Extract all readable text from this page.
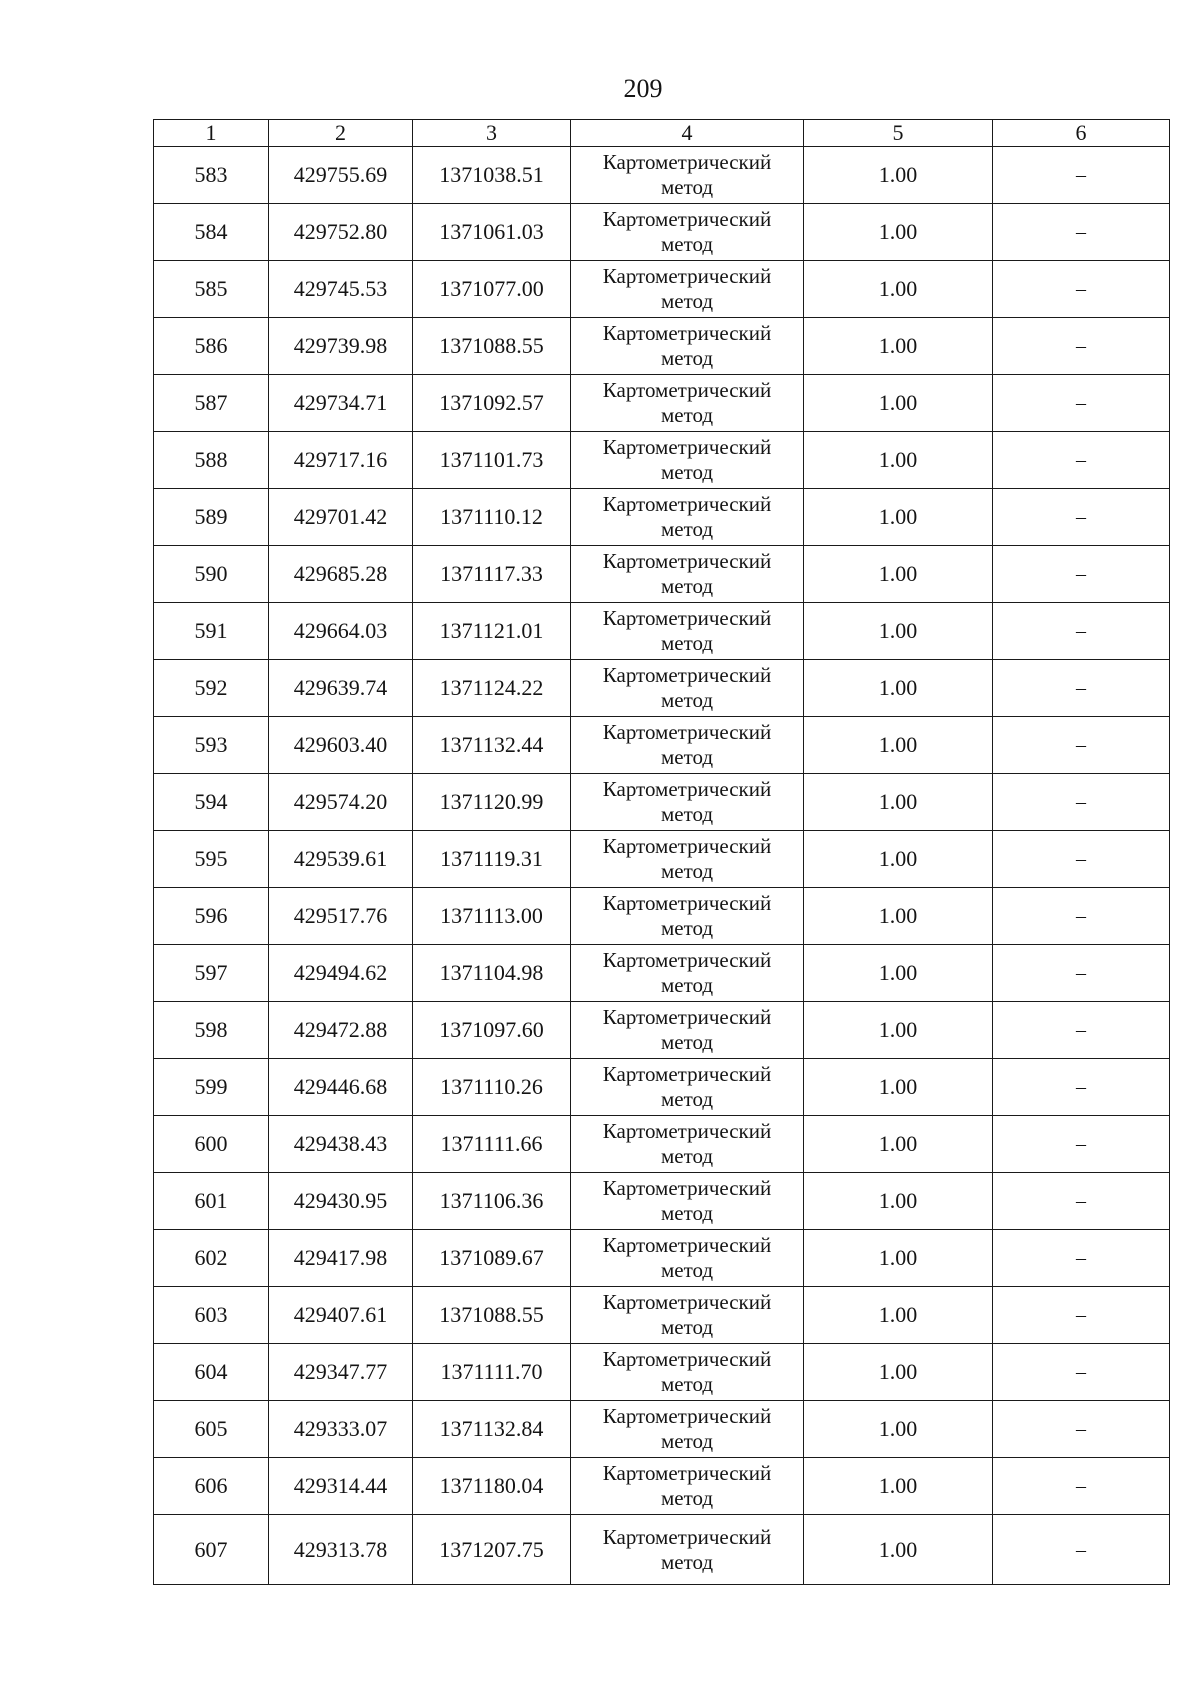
209
1	2	3	4	5	6
583	429755.69	1371038.51	Картометрический метод	1.00	–
584	429752.80	1371061.03	Картометрический метод	1.00	–
585	429745.53	1371077.00	Картометрический метод	1.00	–
586	429739.98	1371088.55	Картометрический метод	1.00	–
587	429734.71	1371092.57	Картометрический метод	1.00	–
588	429717.16	1371101.73	Картометрический метод	1.00	–
589	429701.42	1371110.12	Картометрический метод	1.00	–
590	429685.28	1371117.33	Картометрический метод	1.00	–
591	429664.03	1371121.01	Картометрический метод	1.00	–
592	429639.74	1371124.22	Картометрический метод	1.00	–
593	429603.40	1371132.44	Картометрический метод	1.00	–
594	429574.20	1371120.99	Картометрический метод	1.00	–
595	429539.61	1371119.31	Картометрический метод	1.00	–
596	429517.76	1371113.00	Картометрический метод	1.00	–
597	429494.62	1371104.98	Картометрический метод	1.00	–
598	429472.88	1371097.60	Картометрический метод	1.00	–
599	429446.68	1371110.26	Картометрический метод	1.00	–
600	429438.43	1371111.66	Картометрический метод	1.00	–
601	429430.95	1371106.36	Картометрический метод	1.00	–
602	429417.98	1371089.67	Картометрический метод	1.00	–
603	429407.61	1371088.55	Картометрический метод	1.00	–
604	429347.77	1371111.70	Картометрический метод	1.00	–
605	429333.07	1371132.84	Картометрический метод	1.00	–
606	429314.44	1371180.04	Картометрический метод	1.00	–
607	429313.78	1371207.75	Картометрический метод	1.00	–
